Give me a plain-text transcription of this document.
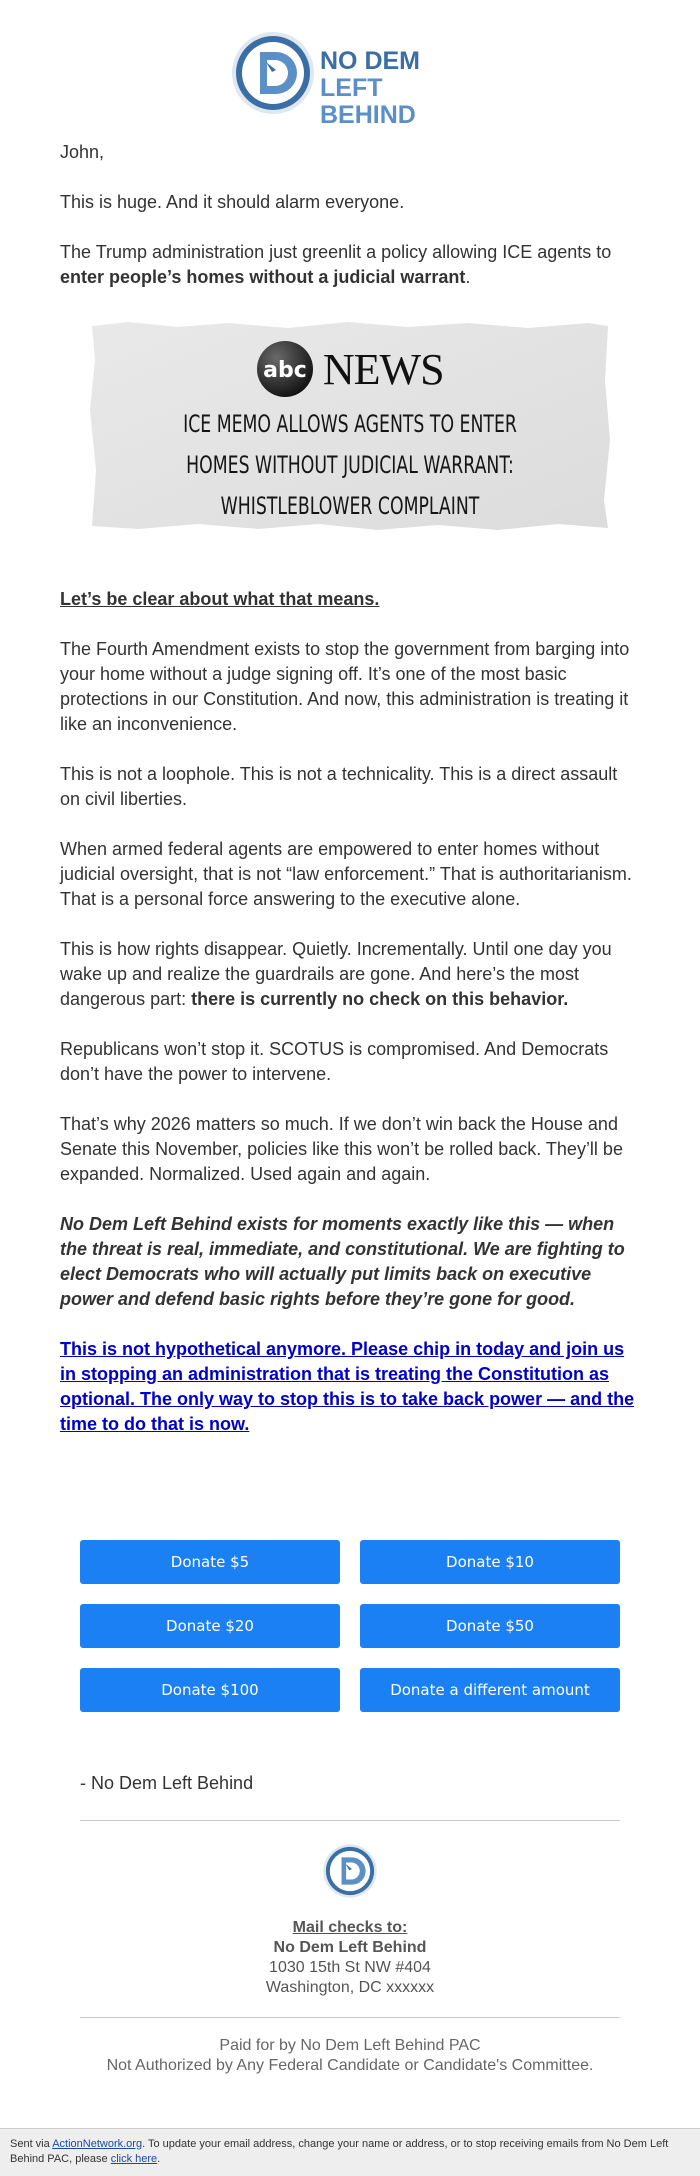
NO DEM
LEFT BEHIND

John,

This is huge. And it should alarm everyone.

The Trump administration just greenlit a policy allowing ICE agents to enter people’s homes without a judicial warrant.

abc NEWS
ICE MEMO ALLOWS AGENTS TO ENTER HOMES WITHOUT JUDICIAL WARRANT: WHISTLEBLOWER COMPLAINT

Let’s be clear about what that means.

The Fourth Amendment exists to stop the government from barging into your home without a judge signing off. It’s one of the most basic protections in our Constitution. And now, this administration is treating it like an inconvenience.

This is not a loophole. This is not a technicality. This is a direct assault on civil liberties.

When armed federal agents are empowered to enter homes without judicial oversight, that is not “law enforcement.” That is authoritarianism. That is a personal force answering to the executive alone.

This is how rights disappear. Quietly. Incrementally. Until one day you wake up and realize the guardrails are gone. And here’s the most dangerous part: there is currently no check on this behavior.

Republicans won’t stop it. SCOTUS is compromised. And Democrats don’t have the power to intervene.

That’s why 2026 matters so much. If we don’t win back the House and Senate this November, policies like this won’t be rolled back. They’ll be expanded. Normalized. Used again and again.

No Dem Left Behind exists for moments exactly like this — when the threat is real, immediate, and constitutional. We are fighting to elect Democrats who will actually put limits back on executive power and defend basic rights before they’re gone for good.

This is not hypothetical anymore. Please chip in today and join us in stopping an administration that is treating the Constitution as optional. The only way to stop this is to take back power — and the time to do that is now.
Donate $5	Donate $10
Donate $20	Donate $50
Donate $100	Donate a different amount
- No Dem Left Behind
Mail checks to:
No Dem Left Behind
1030 15th St NW #404
Washington, DC xxxxxx
Paid for by No Dem Left Behind PAC
Not Authorized by Any Federal Candidate or Candidate's Committee.
Sent via ActionNetwork.org. To update your email address, change your name or address, or to stop receiving emails from No Dem Left Behind PAC, please click here.
